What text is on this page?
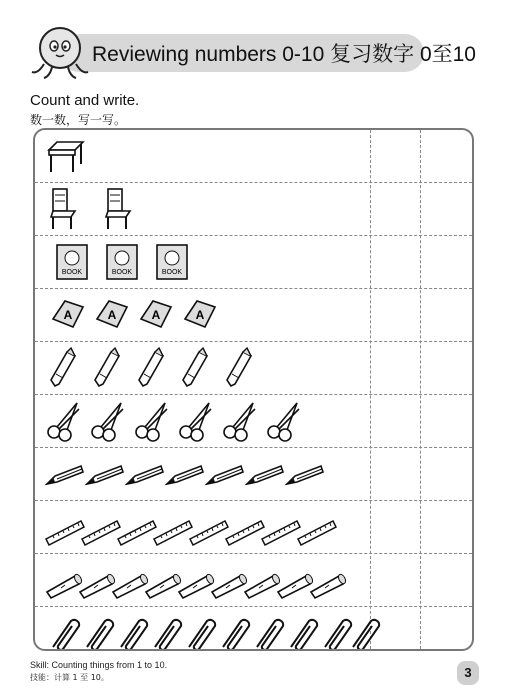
Reviewing numbers 0-10 复习数字 0至10
Count and write.
数一数，写一写。
BOOK	BOOK	BOOK
A	A	A	A
Skill: Counting things from 1 to 10.
技能：计算 1 至 10。	3
